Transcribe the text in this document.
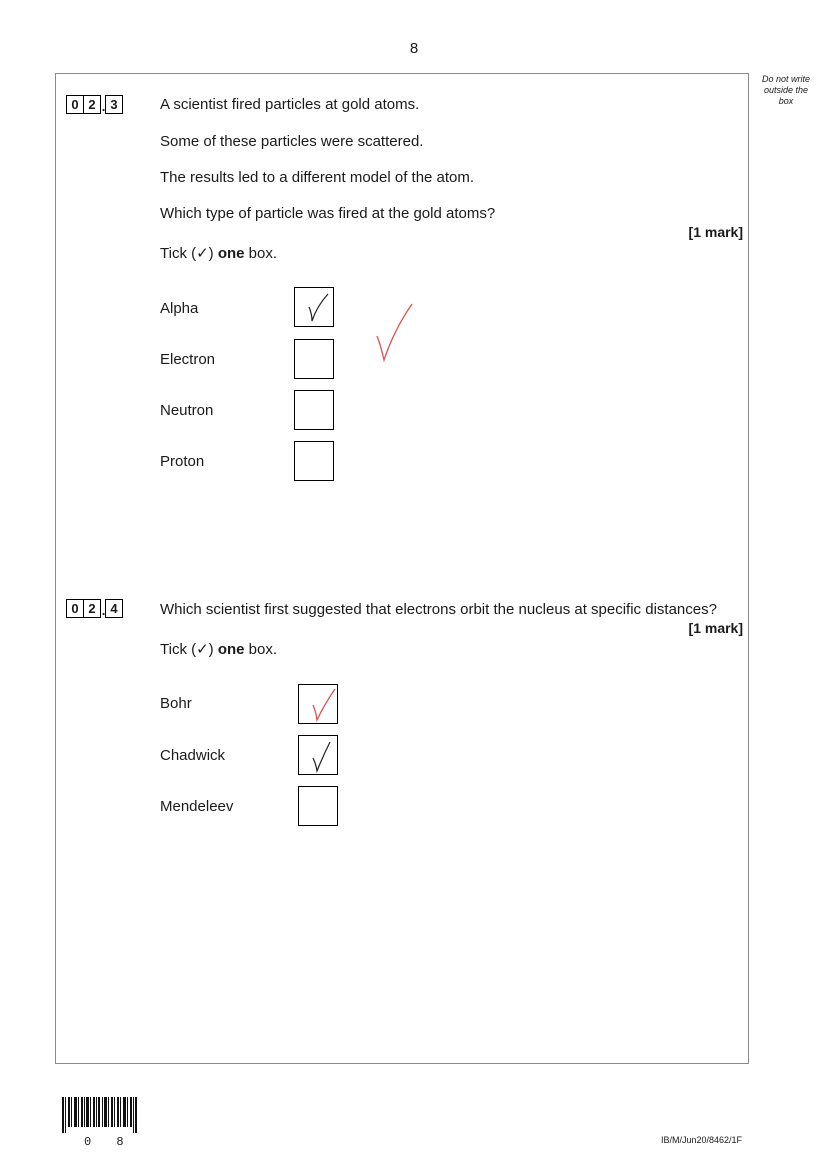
8
Do not write
outside the
box
0 2 . 3	A scientist fired particles at gold atoms.
Some of these particles were scattered.
The results led to a different model of the atom.
Which type of particle was fired at the gold atoms?
[1 mark]
Tick (✓) one box.
Alpha
Electron
Neutron
Proton
0 2 . 4	Which scientist first suggested that electrons orbit the nucleus at specific distances?
[1 mark]
Tick (✓) one box.
Bohr
Chadwick
Mendeleev
0 8	IB/M/Jun20/8462/1F
